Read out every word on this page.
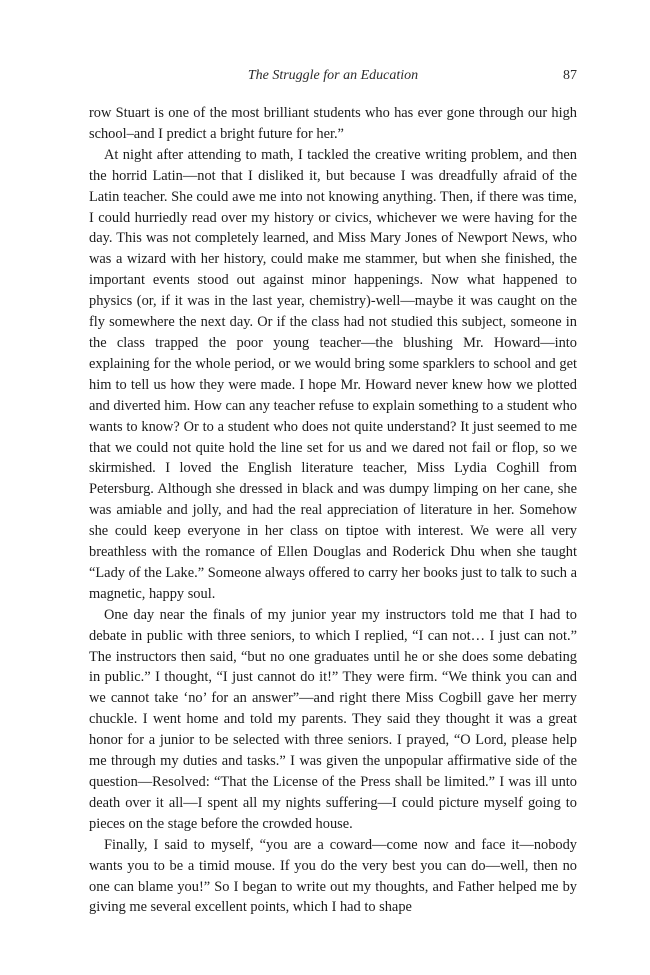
The Struggle for an Education	87

row Stuart is one of the most brilliant students who has ever gone through our high school–and I predict a bright future for her.”

At night after attending to math, I tackled the creative writing problem, and then the horrid Latin—not that I disliked it, but because I was dreadfully afraid of the Latin teacher. She could awe me into not knowing anything. Then, if there was time, I could hurriedly read over my history or civics, whichever we were having for the day. This was not completely learned, and Miss Mary Jones of Newport News, who was a wizard with her history, could make me stammer, but when she finished, the important events stood out against minor happenings. Now what happened to physics (or, if it was in the last year, chemistry)-well—maybe it was caught on the fly somewhere the next day. Or if the class had not studied this subject, someone in the class trapped the poor young teacher—the blushing Mr. Howard—into explaining for the whole period, or we would bring some sparklers to school and get him to tell us how they were made. I hope Mr. Howard never knew how we plotted and diverted him. How can any teacher refuse to explain something to a student who wants to know? Or to a student who does not quite understand? It just seemed to me that we could not quite hold the line set for us and we dared not fail or flop, so we skirmished. I loved the English literature teacher, Miss Lydia Coghill from Petersburg. Although she dressed in black and was dumpy limping on her cane, she was amiable and jolly, and had the real appreciation of literature in her. Somehow she could keep everyone in her class on tiptoe with interest. We were all very breathless with the romance of Ellen Douglas and Roderick Dhu when she taught “Lady of the Lake.” Someone always offered to carry her books just to talk to such a magnetic, happy soul.

One day near the finals of my junior year my instructors told me that I had to debate in public with three seniors, to which I replied, “I can not… I just can not.” The instructors then said, “but no one graduates until he or she does some debating in public.” I thought, “I just cannot do it!” They were firm. “We think you can and we cannot take ‘no’ for an answer”—and right there Miss Cogbill gave her merry chuckle. I went home and told my parents. They said they thought it was a great honor for a junior to be selected with three seniors. I prayed, “O Lord, please help me through my duties and tasks.” I was given the unpopular affirmative side of the question—Resolved: “That the License of the Press shall be limited.” I was ill unto death over it all—I spent all my nights suffering—I could picture myself going to pieces on the stage before the crowded house.

Finally, I said to myself, “you are a coward—come now and face it—nobody wants you to be a timid mouse. If you do the very best you can do—well, then no one can blame you!” So I began to write out my thoughts, and Father helped me by giving me several excellent points, which I had to shape
